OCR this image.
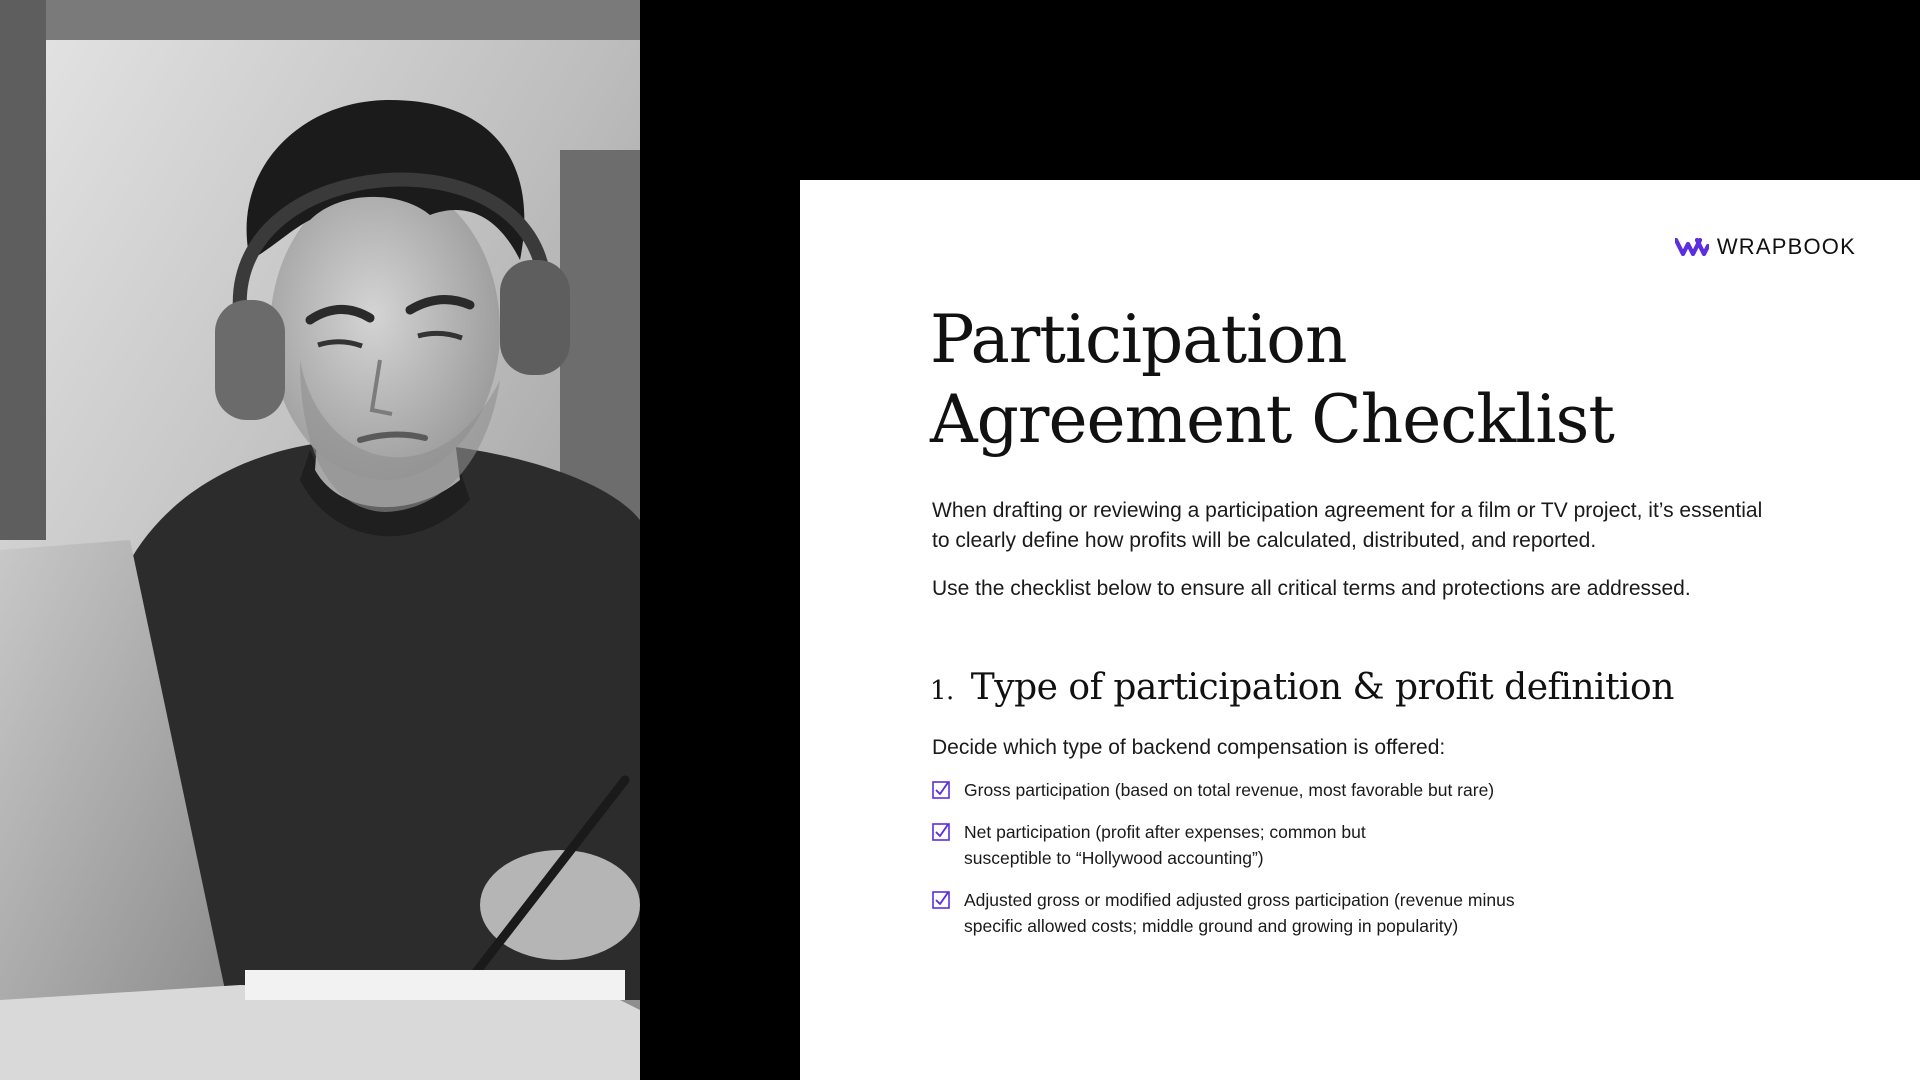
WRAPBOOK
Participation
Agreement Checklist

When drafting or reviewing a participation agreement for a film or TV project, it’s essential to clearly define how profits will be calculated, distributed, and reported.

Use the checklist below to ensure all critical terms and protections are addressed.

1. Type of participation & profit definition

Decide which type of backend compensation is offered:

Gross participation (based on total revenue, most favorable but rare)
Net participation (profit after expenses; common but susceptible to “Hollywood accounting”)
Adjusted gross or modified adjusted gross participation (revenue minus specific allowed costs; middle ground and growing in popularity)
